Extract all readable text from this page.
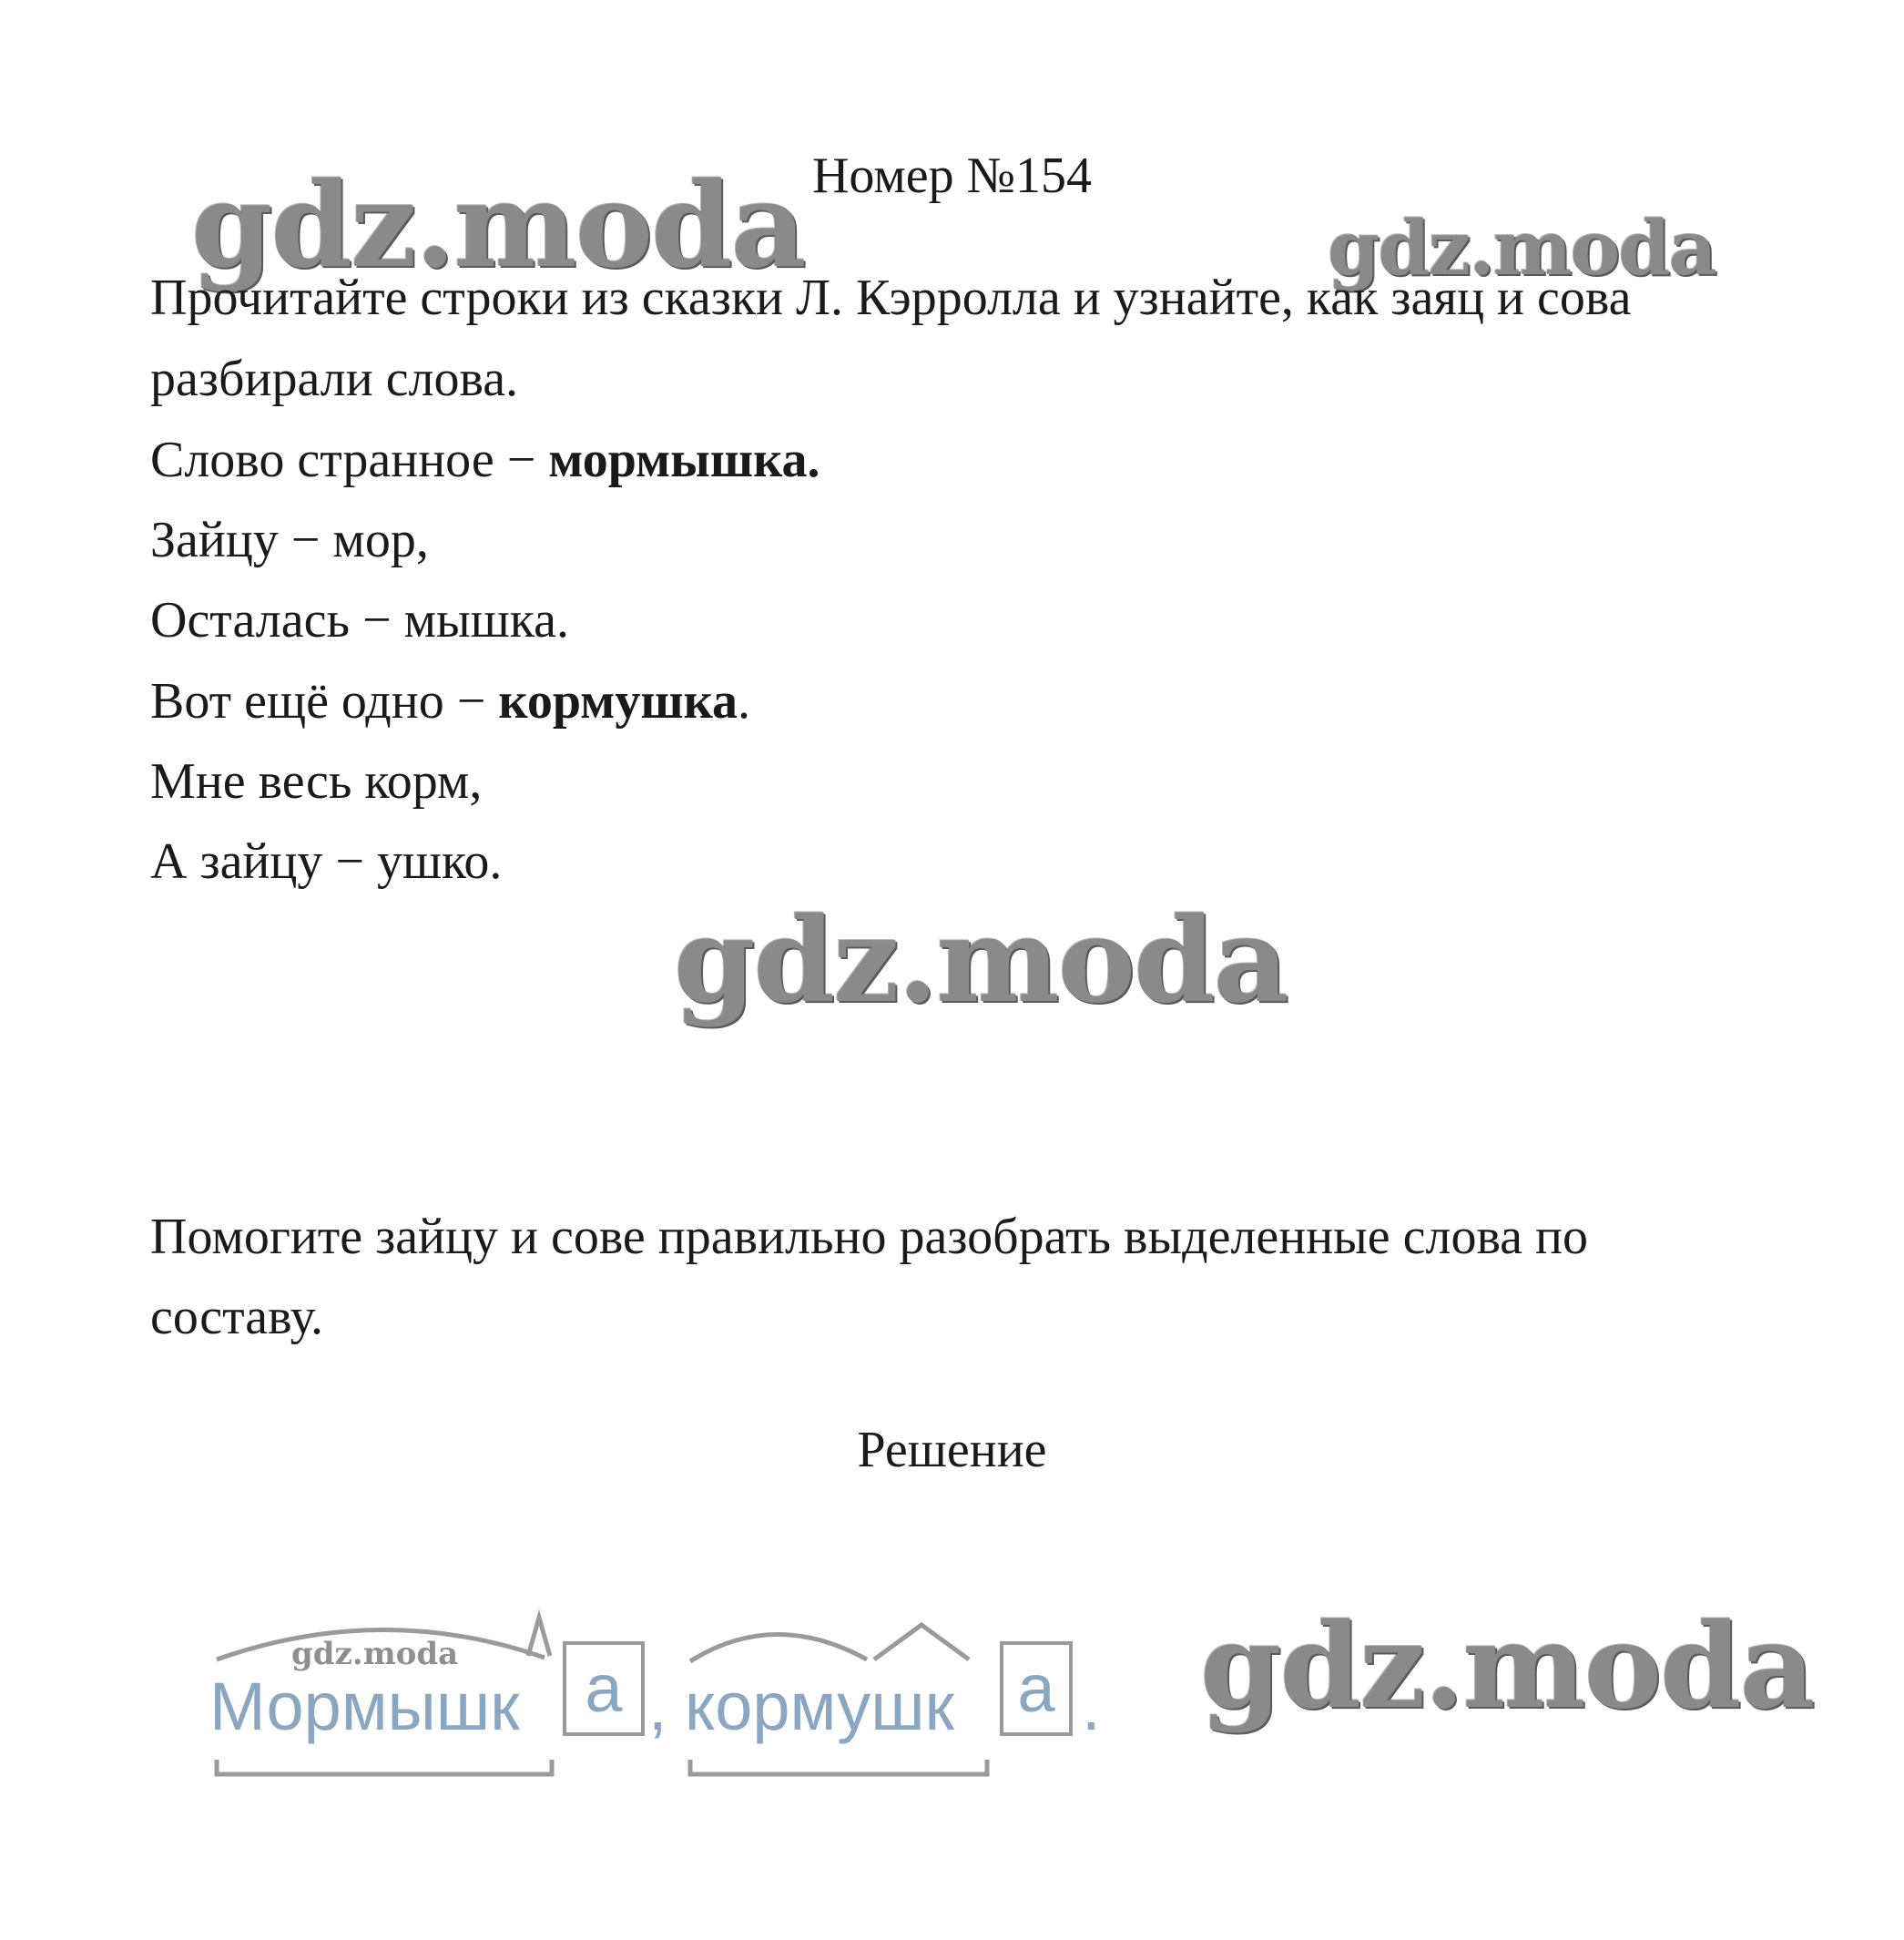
gdz.moda	gdz.moda
Номер №154
Прочитайте строки из сказки Л. Кэрролла и узнайте, как заяц и сова
разбирали слова.
Слово странное − мормышка.
Зайцу − мор,
Осталась − мышка.
Вот ещё одно − кормушка.
Мне весь корм,
А зайцу − ушко.
gdz.moda
Помогите зайцу и сове правильно разобрать выделенные слова по
составу.
Решение
gdz.moda
Мормышк а , кормушк а . gdz.moda
